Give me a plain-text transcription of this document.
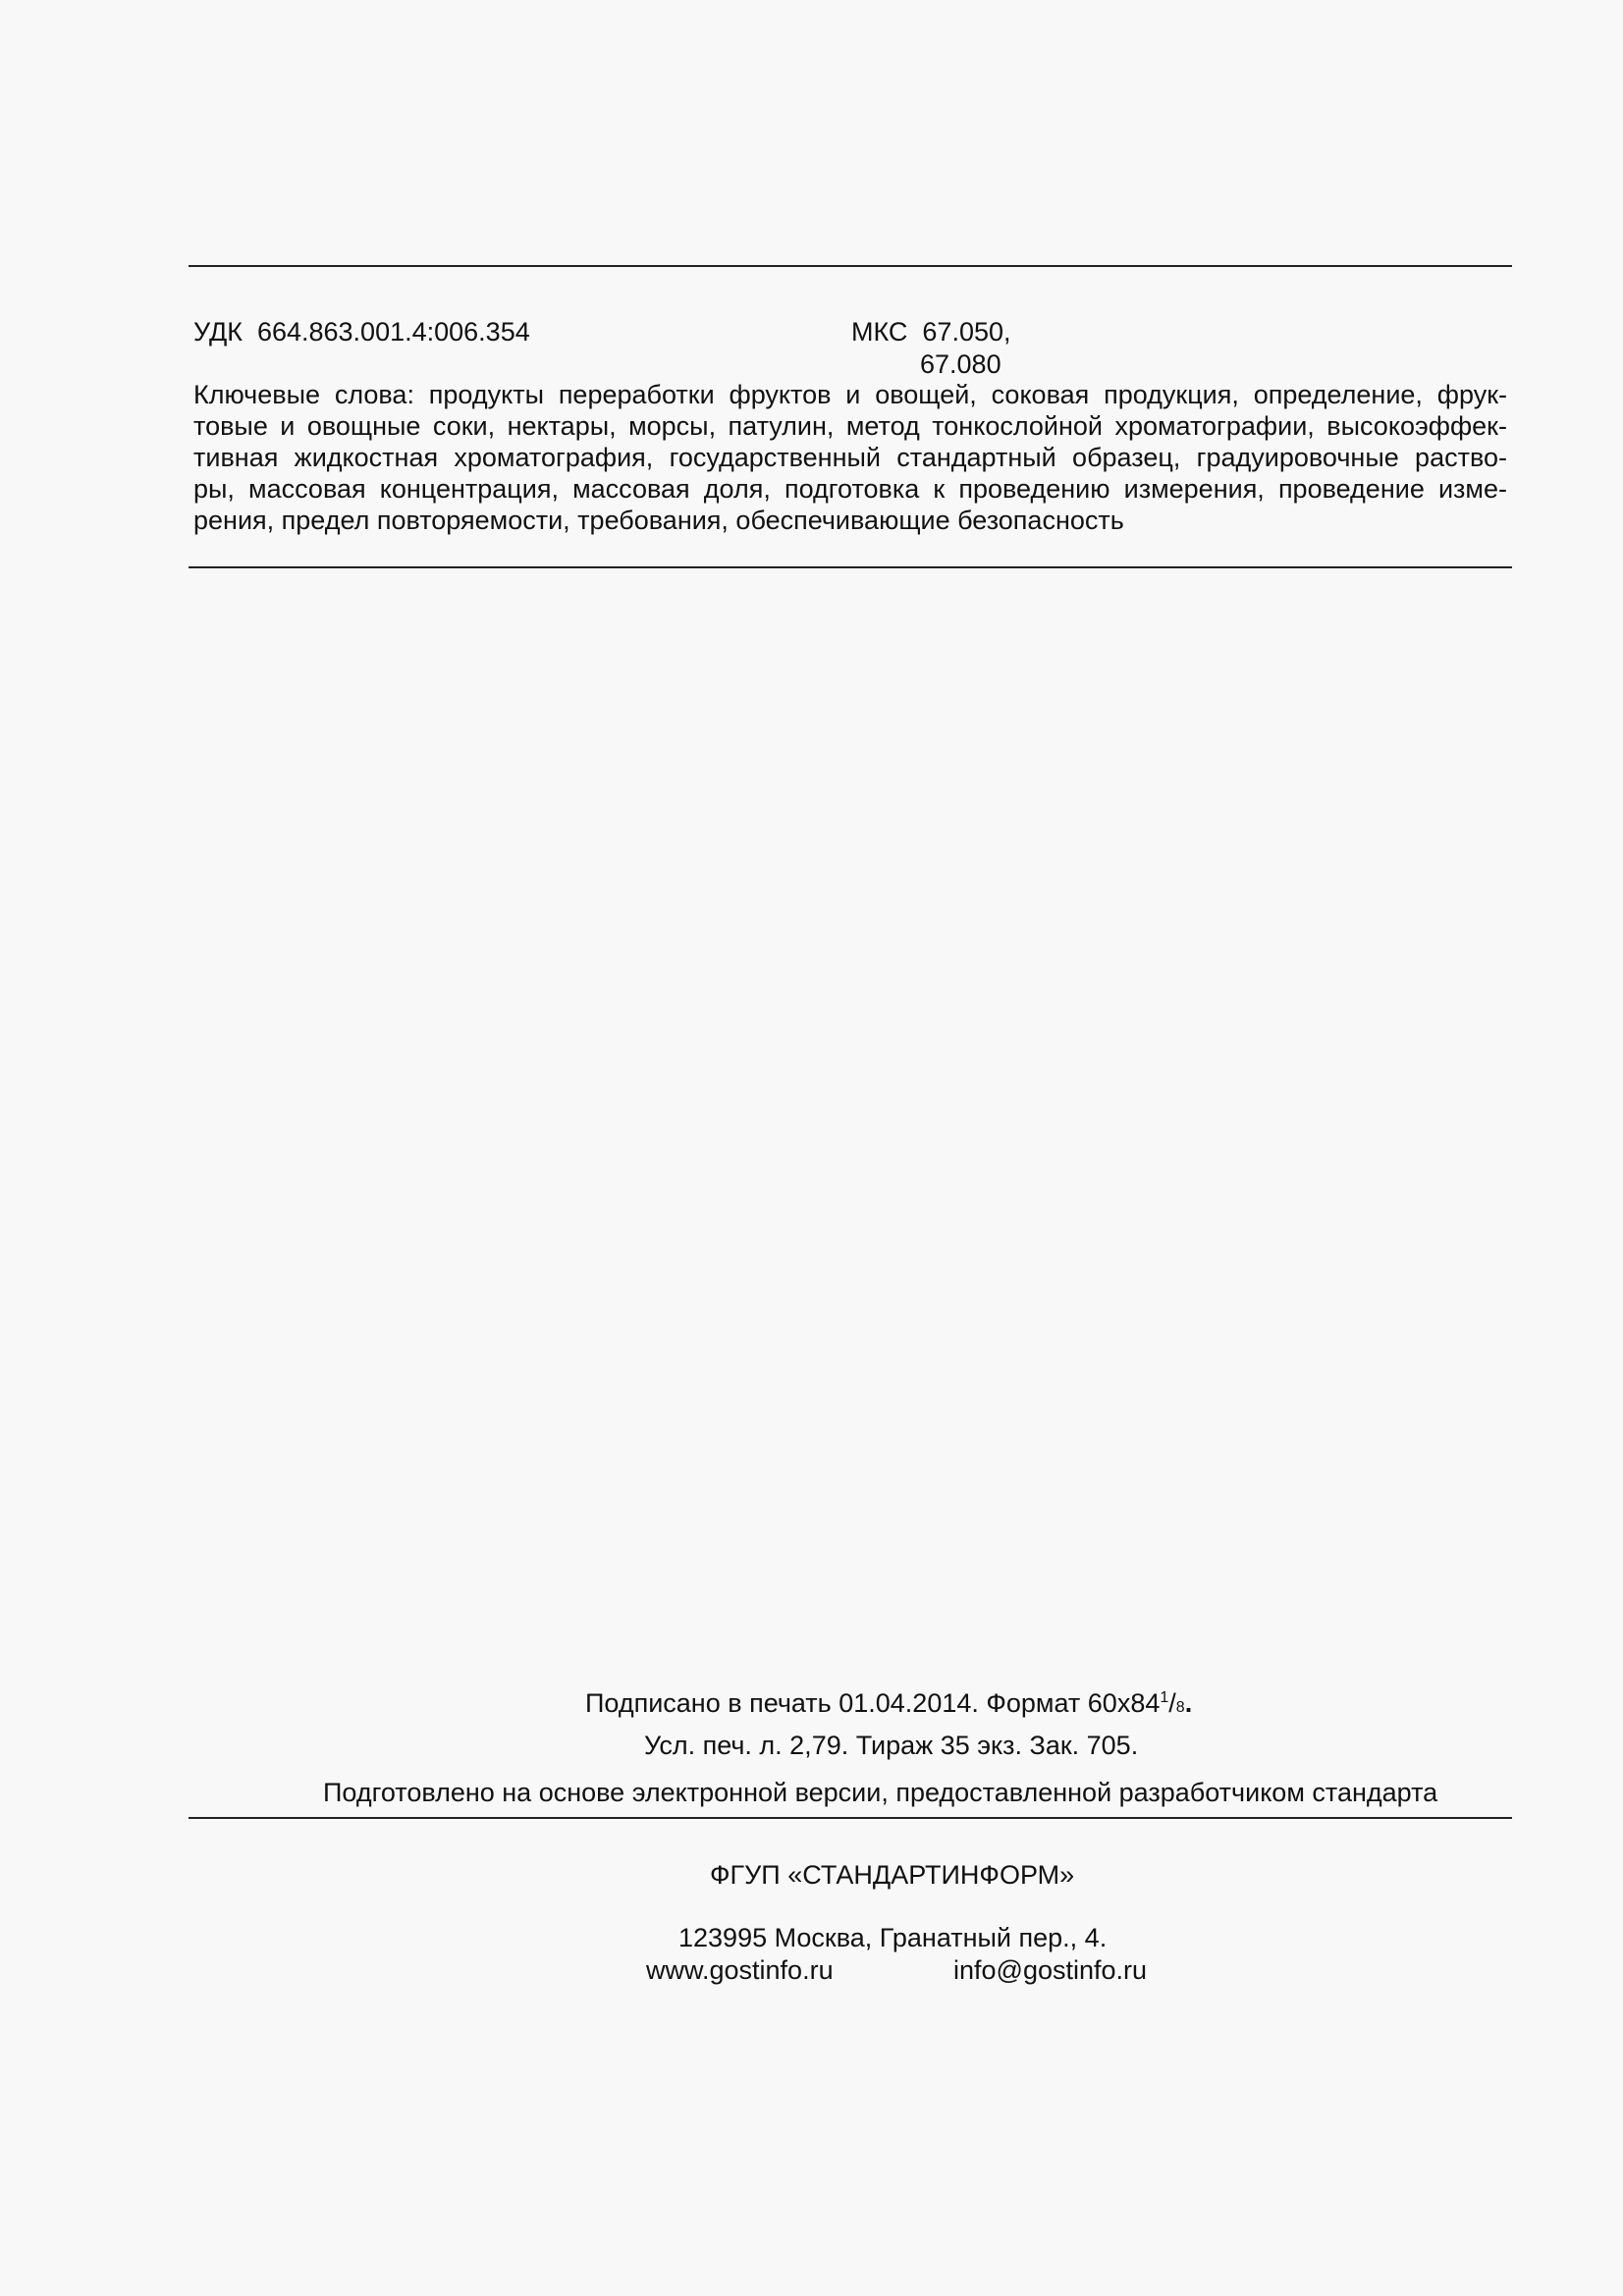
УДК  664.863.001.4:006.354	МКС  67.050,
67.080
Ключевые слова: продукты переработки фруктов и овощей, соковая продукция, определение, фрук-
товые и овощные соки, нектары, морсы, патулин, метод тонкослойной хроматографии, высокоэффек-
тивная жидкостная хроматография, государственный стандартный образец, градуировочные раство-
ры, массовая концентрация, массовая доля, подготовка к проведению измерения, проведение изме-
рения, предел повторяемости, требования, обеспечивающие безопасность
Подписано в печать 01.04.2014. Формат $60x84^1/8$.
Усл. печ. л. 2,79. Тираж 35 экз. Зак. 705.
Подготовлено на основе электронной версии, предоставленной разработчиком стандарта
ФГУП «СТАНДАРТИНФОРМ»
123995 Москва, Гранатный пер., 4.
www.gostinfo.ru	info@gostinfo.ru
